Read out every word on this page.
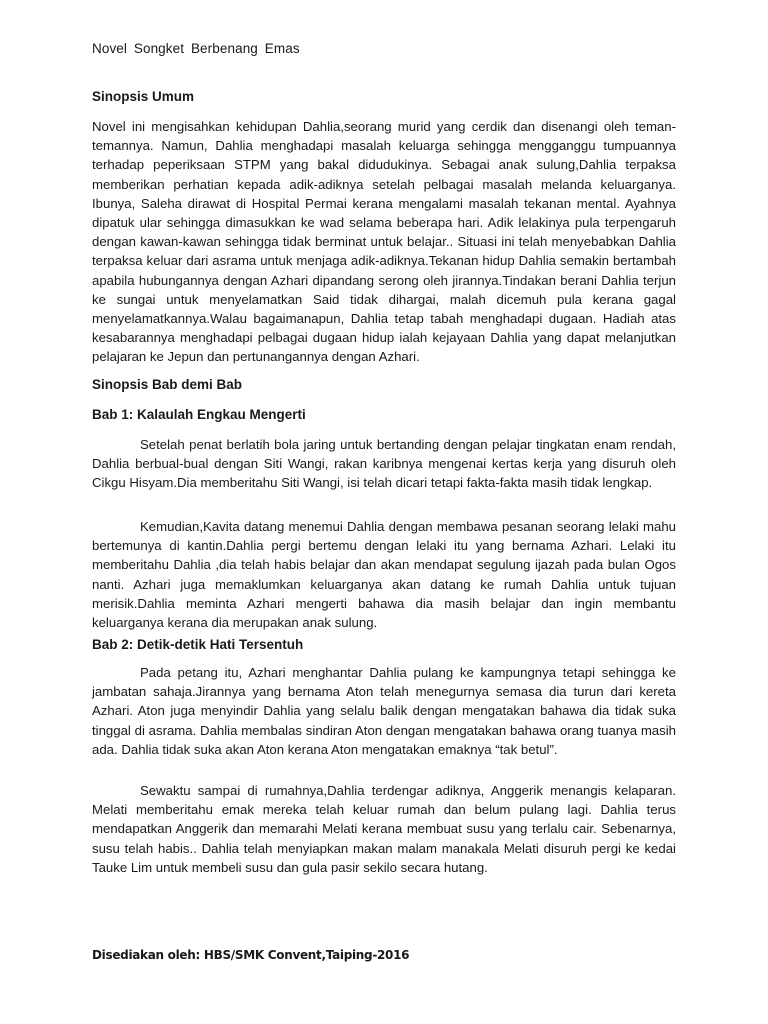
Novel Songket Berbenang Emas
Sinopsis Umum

Novel ini mengisahkan kehidupan Dahlia,seorang murid yang cerdik dan disenangi oleh teman-temannya. Namun, Dahlia menghadapi masalah keluarga sehingga mengganggu tumpuannya terhadap peperiksaan STPM yang bakal didudukinya. Sebagai anak sulung,Dahlia terpaksa memberikan perhatian kepada adik-adiknya setelah pelbagai masalah melanda keluarganya. Ibunya, Saleha dirawat di Hospital Permai kerana mengalami masalah tekanan mental. Ayahnya dipatuk ular sehingga dimasukkan ke wad selama beberapa hari. Adik lelakinya pula terpengaruh dengan kawan-kawan sehingga tidak berminat untuk belajar.. Situasi ini telah menyebabkan Dahlia terpaksa keluar dari asrama untuk menjaga adik-adiknya.Tekanan hidup Dahlia semakin bertambah apabila hubungannya dengan Azhari dipandang serong oleh jirannya.Tindakan berani Dahlia terjun ke sungai untuk menyelamatkan Said tidak dihargai, malah dicemuh pula kerana gagal menyelamatkannya.Walau bagaimanapun, Dahlia tetap tabah menghadapi dugaan. Hadiah atas kesabarannya menghadapi pelbagai dugaan hidup ialah kejayaan Dahlia yang dapat melanjutkan pelajaran ke Jepun dan pertunangannya dengan Azhari.

Sinopsis Bab demi Bab
Bab 1: Kalaulah Engkau Mengerti

Setelah penat berlatih bola jaring untuk bertanding dengan pelajar tingkatan enam rendah, Dahlia berbual-bual dengan Siti Wangi, rakan karibnya mengenai kertas kerja yang disuruh oleh Cikgu Hisyam.Dia memberitahu Siti Wangi, isi telah dicari tetapi fakta-fakta masih tidak lengkap.

Kemudian,Kavita datang menemui Dahlia dengan membawa pesanan seorang lelaki mahu bertemunya di kantin.Dahlia pergi bertemu dengan lelaki itu yang bernama Azhari. Lelaki itu memberitahu Dahlia ,dia telah habis belajar dan akan mendapat segulung ijazah pada bulan Ogos nanti. Azhari juga memaklumkan keluarganya akan datang ke rumah Dahlia untuk tujuan merisik.Dahlia meminta Azhari mengerti bahawa dia masih belajar dan ingin membantu keluarganya kerana dia merupakan anak sulung.

Bab 2: Detik-detik Hati Tersentuh

Pada petang itu, Azhari menghantar Dahlia pulang ke kampungnya tetapi sehingga ke jambatan sahaja.Jirannya yang bernama Aton telah menegurnya semasa dia turun dari kereta Azhari. Aton juga menyindir Dahlia yang selalu balik dengan mengatakan bahawa dia tidak suka tinggal di asrama. Dahlia membalas sindiran Aton dengan mengatakan bahawa orang tuanya masih ada. Dahlia tidak suka akan Aton kerana Aton mengatakan emaknya “tak betul”.

Sewaktu sampai di rumahnya,Dahlia terdengar adiknya, Anggerik menangis kelaparan. Melati memberitahu emak mereka telah keluar rumah dan belum pulang lagi. Dahlia terus mendapatkan Anggerik dan memarahi Melati kerana membuat susu yang terlalu cair. Sebenarnya, susu telah habis.. Dahlia telah menyiapkan makan malam manakala Melati disuruh pergi ke kedai Tauke Lim untuk membeli susu dan gula pasir sekilo secara hutang.

Disediakan oleh: HBS/SMK Convent,Taiping-2016
